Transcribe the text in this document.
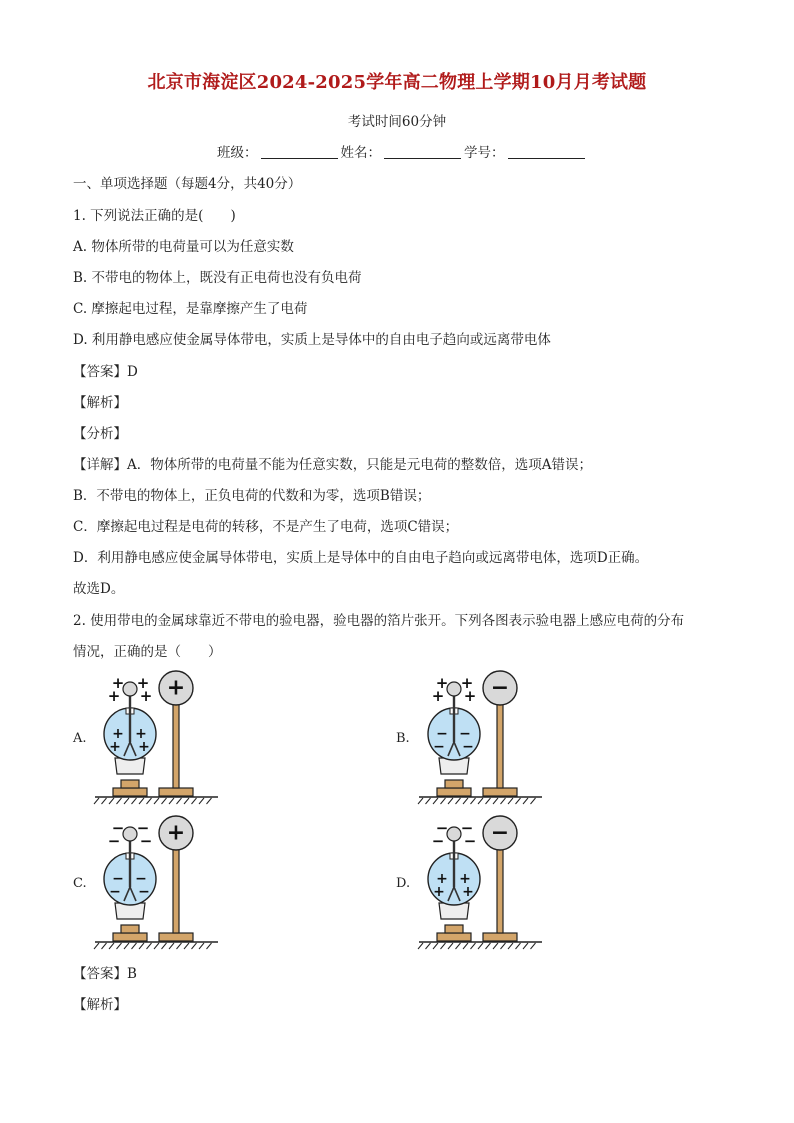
北京市海淀区2024-2025学年高二物理上学期10月月考试题
考试时间60分钟
班级：	姓名：	学号：
一、单项选择题（每题4分，共40分）
1. 下列说法正确的是(　　)
A. 物体所带的电荷量可以为任意实数
B. 不带电的物体上，既没有正电荷也没有负电荷
C. 摩擦起电过程，是靠摩擦产生了电荷
D. 利用静电感应使金属导体带电，实质上是导体中的自由电子趋向或远离带电体
【答案】D
【解析】
【分析】
【详解】A．物体所带的电荷量不能为任意实数，只能是元电荷的整数倍，选项A错误；
B．不带电的物体上，正负电荷的代数和为零，选项B错误；
C．摩擦起电过程是电荷的转移，不是产生了电荷，选项C错误；
D．利用静电感应使金属导体带电，实质上是导体中的自由电子趋向或远离带电体，选项D正确。
故选D。
2. 使用带电的金属球靠近不带电的验电器，验电器的箔片张开。下列各图表示验电器上感应电荷的分布
情况，正确的是（　　）
A.	B.
C.	D.
+ +
+ +
+ +
+ +
+	+ +
+ +
− −
− −
−
− −
− −
− −
− −
+	− −
− −
+ +
+ +
−
【答案】B
【解析】
